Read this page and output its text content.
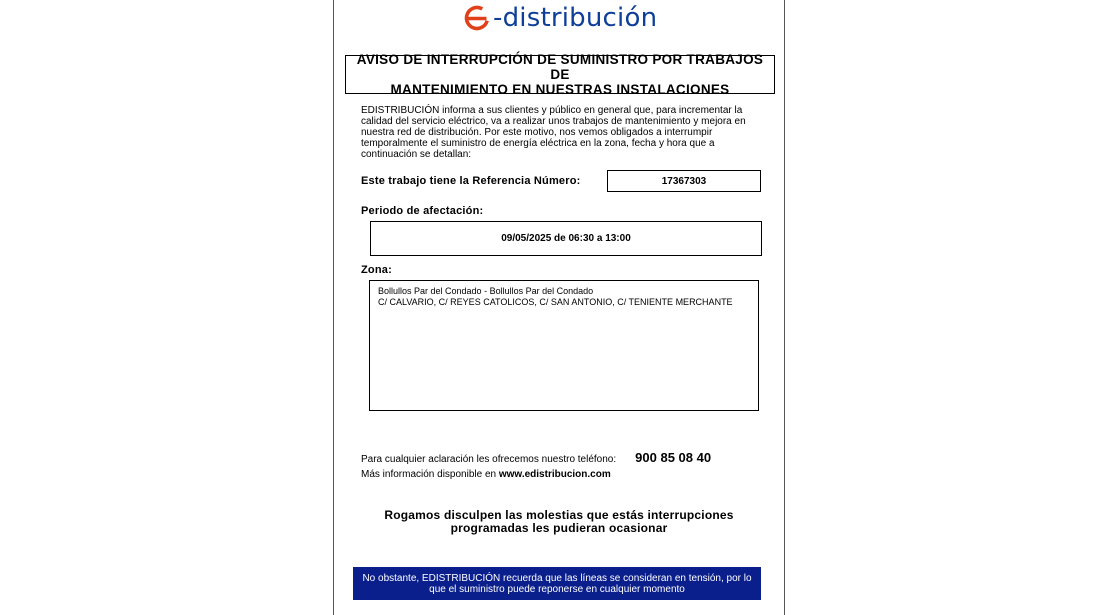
-distribución
AVISO DE INTERRUPCIÓN DE SUMINISTRO POR TRABAJOS DE
MANTENIMIENTO EN NUESTRAS INSTALACIONES
EDISTRIBUCIÓN informa a sus clientes y público en general que, para incrementar la
calidad del servicio eléctrico, va a realizar unos trabajos de mantenimiento y mejora en
nuestra red de distribución. Por este motivo, nos vemos obligados a interrumpir
temporalmente el suministro de energía eléctrica en la zona, fecha y hora que a
continuación se detallan:
Este trabajo tiene la Referencia Número:	17367303
Periodo de afectación:
09/05/2025 de 06:30 a 13:00
Zona:
Bollullos Par del Condado - Bollullos Par del Condado
C/ CALVARIO, C/ REYES CATOLICOS, C/ SAN ANTONIO, C/ TENIENTE MERCHANTE
Para cualquier aclaración les ofrecemos nuestro teléfono: 900 85 08 40
Más información disponible en www.edistribucion.com
Rogamos disculpen las molestias que estás interrupciones
programadas les pudieran ocasionar
No obstante, EDISTRIBUCIÓN recuerda que las líneas se consideran en tensión, por lo
que el suministro puede reponerse en cualquier momento
